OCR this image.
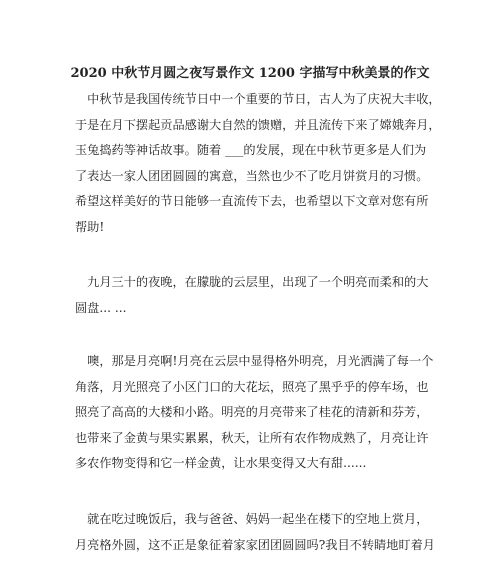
2020 中秋节月圆之夜写景作文 1200 字描写中秋美景的作文
　中秋节是我国传统节日中一个重要的节日，古人为了庆祝大丰收，
于是在月下摆起贡品感谢大自然的馈赠，并且流传下来了嫦娥奔月，
玉兔捣药等神话故事。随着 ___的发展，现在中秋节更多是人们为
了表达一家人团团圆圆的寓意，当然也少不了吃月饼赏月的习惯。
希望这样美好的节日能够一直流传下去，也希望以下文章对您有所
帮助!
　九月三十的夜晚，在朦胧的云层里，出现了一个明亮而柔和的大
圆盘... ...
　噢，那是月亮啊!月亮在云层中显得格外明亮，月光洒满了每一个
角落，月光照亮了小区门口的大花坛，照亮了黑乎乎的停车场，也
照亮了高高的大楼和小路。明亮的月亮带来了桂花的清新和芬芳，
也带来了金黄与果实累累，秋天，让所有农作物成熟了，月亮让许
多农作物变得和它一样金黄，让水果变得又大有甜......
　就在吃过晚饭后，我与爸爸、妈妈一起坐在楼下的空地上赏月，
月亮格外圆，这不正是象征着家家团团圆圆吗?我目不转睛地盯着月
